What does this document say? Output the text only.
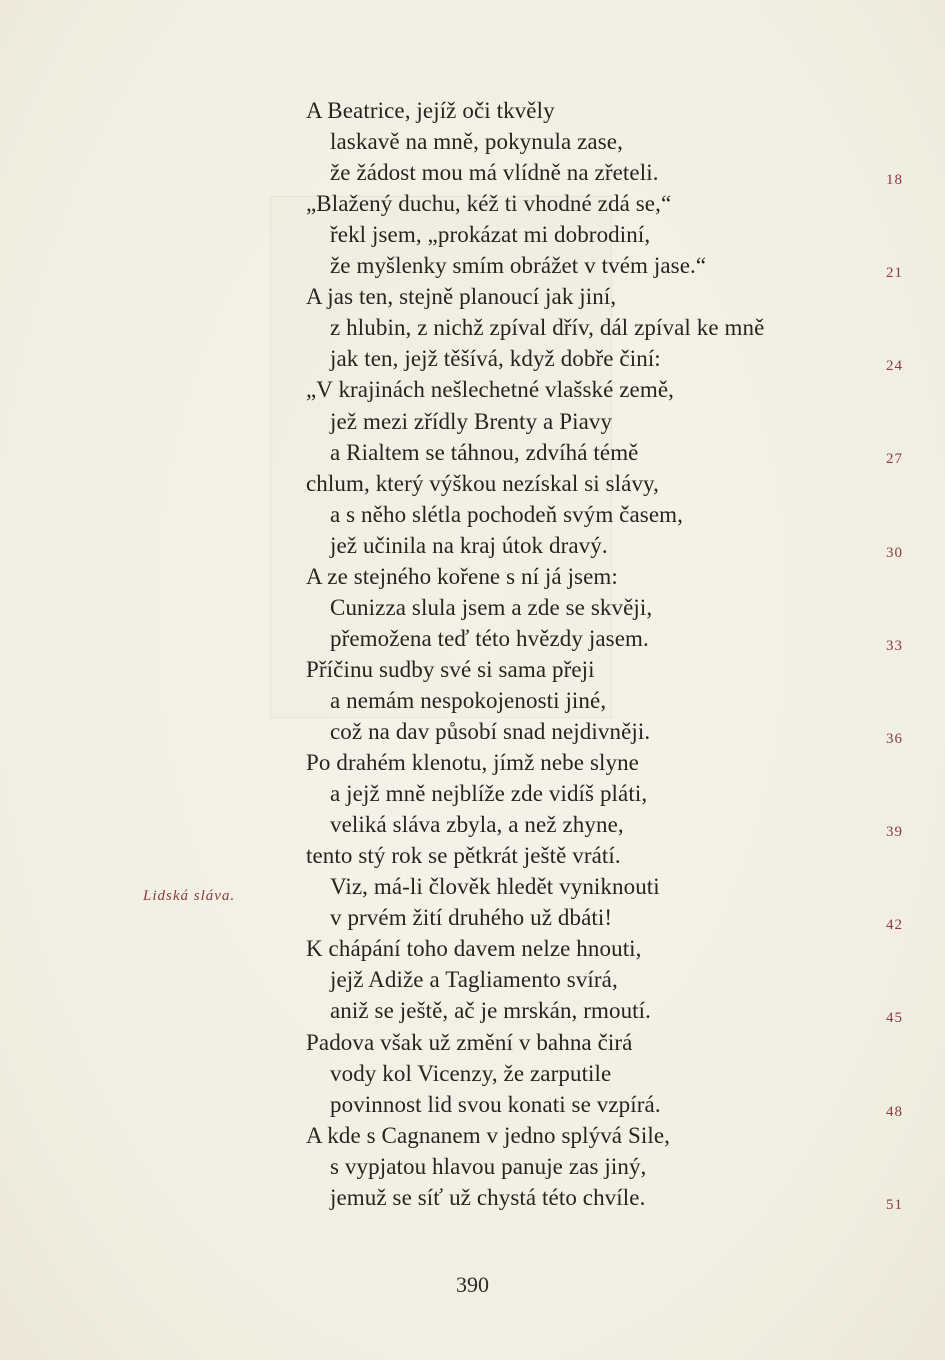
A Beatrice, jejíž oči tkvěly
laskavě na mně, pokynula zase,
že žádost mou má vlídně na zřeteli.
„Blažený duchu, kéž ti vhodné zdá se,“
řekl jsem, „prokázat mi dobrodiní,
že myšlenky smím obrážet v tvém jase.“
A jas ten, stejně planoucí jak jiní,
z hlubin, z nichž zpíval dřív, dál zpíval ke mně
jak ten, jejž těšívá, když dobře činí:
„V krajinách nešlechetné vlašské země,
jež mezi zřídly Brenty a Piavy
a Rialtem se táhnou, zdvíhá témě
chlum, který výškou nezískal si slávy,
a s něho slétla pochodeň svým časem,
jež učinila na kraj útok dravý.
A ze stejného kořene s ní já jsem:
Cunizza slula jsem a zde se skvěji,
přemožena teď této hvězdy jasem.
Příčinu sudby své si sama přeji
a nemám nespokojenosti jiné,
což na dav působí snad nejdivněji.
Po drahém klenotu, jímž nebe slyne
a jejž mně nejblíže zde vidíš pláti,
veliká sláva zbyla, a než zhyne,
tento stý rok se pětkrát ještě vrátí.
Viz, má-li člověk hledět vyniknouti
v prvém žití druhého už dbáti!
K chápání toho davem nelze hnouti,
jejž Adiže a Tagliamento svírá,
aniž se ještě, ač je mrskán, rmoutí.
Padova však už změní v bahna čirá
vody kol Vicenzy, že zarputile
povinnost lid svou konati se vzpírá.
A kde s Cagnanem v jedno splývá Sile,
s vypjatou hlavou panuje zas jiný,
jemuž se síť už chystá této chvíle.
18
21
24
27
30
33
36
39
42
45
48
51
Lidská sláva.
390
